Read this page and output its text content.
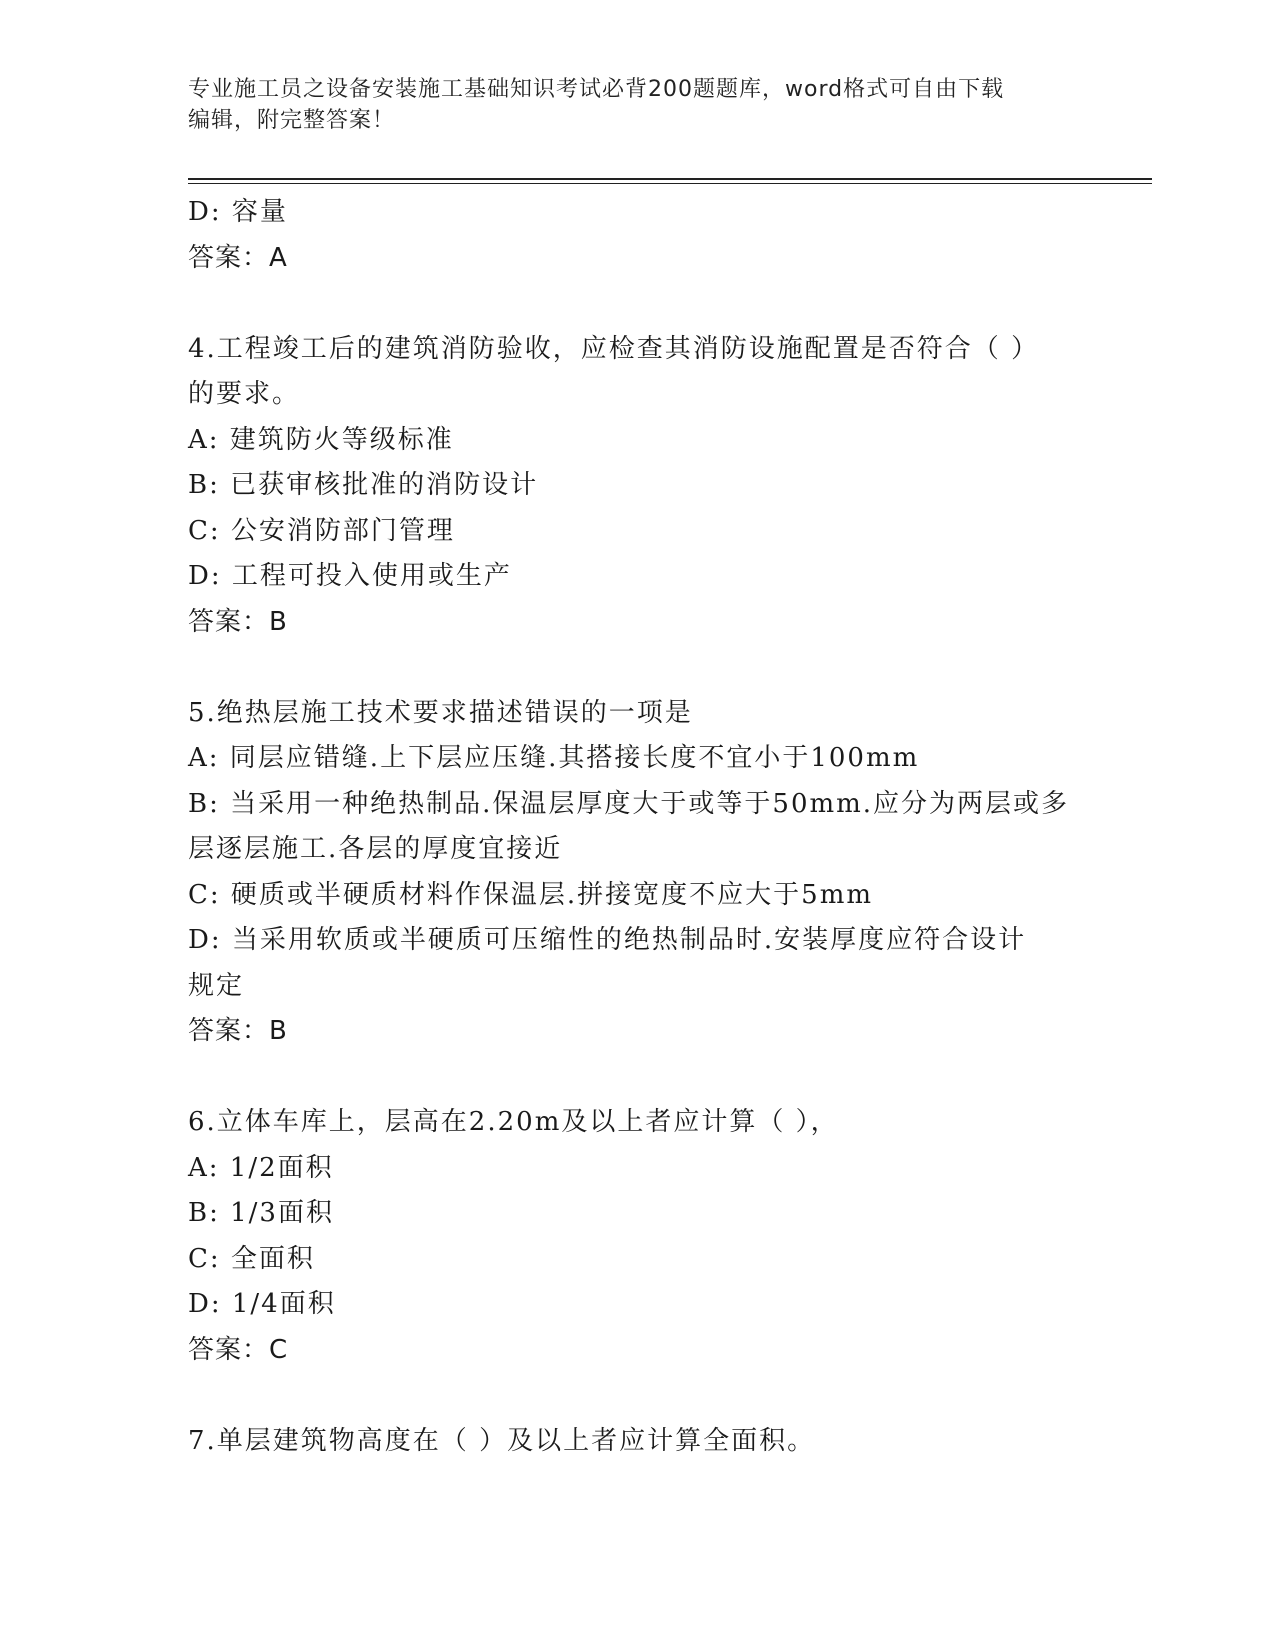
专业施工员之设备安装施工基础知识考试必背200题题库，word格式可自由下载
编辑，附完整答案！
D: 容量
答案：A
4.工程竣工后的建筑消防验收，应检查其消防设施配置是否符合（ ）
的要求。
A: 建筑防火等级标准
B: 已获审核批准的消防设计
C: 公安消防部门管理
D: 工程可投入使用或生产
答案：B
5.绝热层施工技术要求描述错误的一项是
A: 同层应错缝.上下层应压缝.其搭接长度不宜小于100mm
B: 当采用一种绝热制品.保温层厚度大于或等于50mm.应分为两层或多
层逐层施工.各层的厚度宜接近
C: 硬质或半硬质材料作保温层.拼接宽度不应大于5mm
D: 当采用软质或半硬质可压缩性的绝热制品时.安装厚度应符合设计
规定
答案：B
6.立体车库上，层高在2.20m及以上者应计算（ ），
A: 1/2面积
B: 1/3面积
C: 全面积
D: 1/4面积
答案：C
7.单层建筑物高度在（ ）及以上者应计算全面积。
